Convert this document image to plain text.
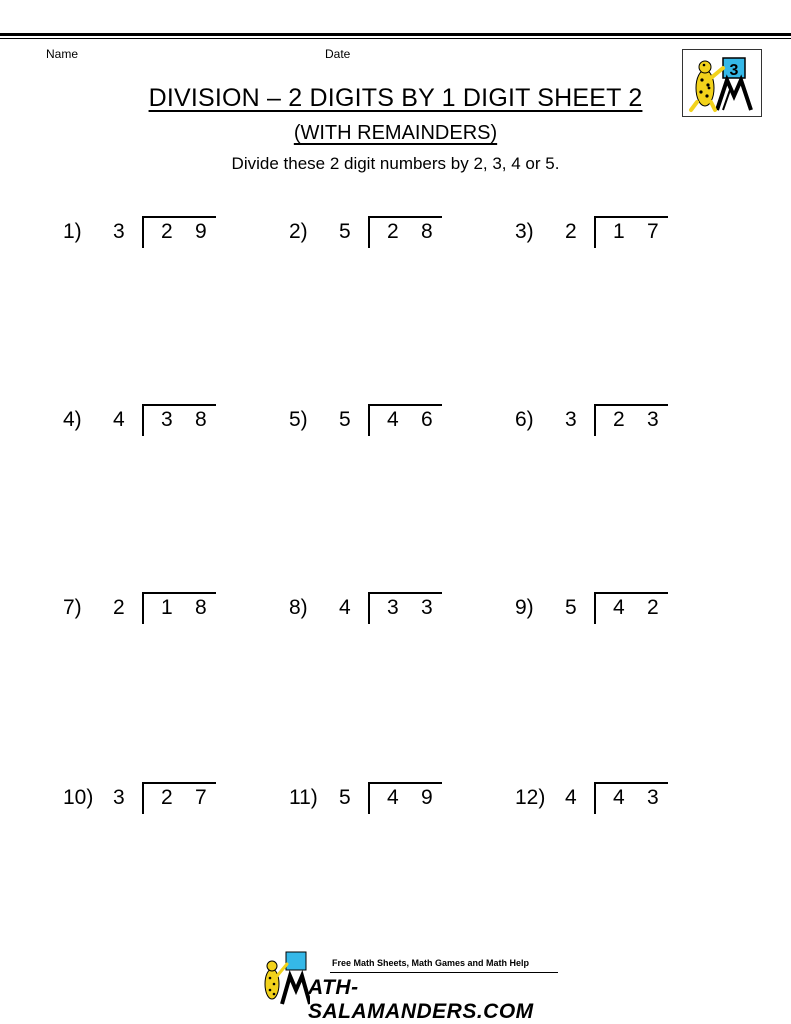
Name	Date
3
DIVISION – 2 DIGITS BY 1 DIGIT SHEET 2
(WITH REMAINDERS)
Divide these 2 digit numbers by 2, 3, 4 or 5.
1) 3 2 9	2) 5 2 8	3) 2 1 7
4) 4 3 8	5) 5 4 6	6) 3 2 3
7) 2 1 8	8) 4 3 3	9) 5 4 2
10) 3 2 7	11) 5 4 9	12) 4 4 3
Free Math Sheets, Math Games and Math Help
ATH-SALAMANDERS.COM
